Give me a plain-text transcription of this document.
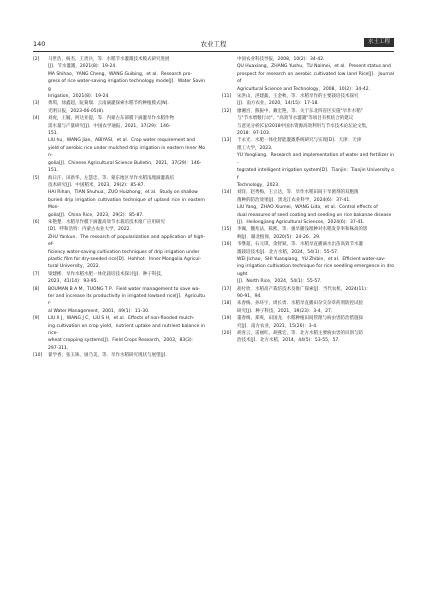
140	农业工程	水土工程
[2] 马世浩，杨杰，王贵兵，等．水稻节水灌溉技术模式研究进展
[J]．节水灌溉，2021(8)：19-24．
MA Shihao，YANG Cheng，WANG Guibing，et al．Research pro-
gress of rice water-saving irrigation technology mode[J]．Water Saving
Irrigation，2021(8)：19-24
[3] 黄琪，徐鑫超，阮菊瑞．云南滴灌探索水稻节约种植模式[N]．
光明日报，2023-06-05(8)．
[4] 刘虎，王毓，阿达亚提，等．内蒙古东部膜下滴灌旱作水稻作物
需水量与产量研究[J]．中国农学通报，2021，37(29)：146-
151．
LIU hu，WANG Jian，ABIYASI，et al．Crop water requirement and
yield of aerobic rice under mulched drip irrigation in eastern Inner Mon-
golia[J]．Chinese Agricultural Science Bulletin，2021，37(29)：146-
151．
[5] 海日汗，田新华，左慧忠，等．蒙东地区旱作水稻浅埋滴灌栽培
技术研究[J]．中国稻米，2023，29(2)：85-87．
HAI Rihan，TIAN Shuhua，ZUO Huizhong，et al．Study on shallow
buried drip irrigation cultivation technique of upland rice in eastern Mon-
golia[J]．China Rice，2023，29(2)：85-87．
[6] 朱艳楚．水稻旱作膜下滴灌高效节水栽培技术推广应用研究
[D]．呼和浩特：内蒙古农业大学，2022．
ZHU Yankun．The research of popularization and application of high-ef-
ficiency water-saving cultivation techniques of drip irrigation under
plastic film for dry-seeded rice[D]．Hohhot：Inner Mongolia Agricul-
tural University，2022．
[7] 梁建彬．旱作水稻水肥一体化栽培技术探讨[J]．种子科技，
2023，41(14)：93-95．
[8] BOUMAN B A M，TUONG T P．Field water management to save wa-
ter and increase its productivity in irrigated lowland rice[J]．Agricultur-
al Water Management，2001，49(1)：11-30．
[9] LIU X J，WANG J C，LIU S H，et al．Effects of non-flooded mulch-
ing cultivation on crop yield，nutrient uptake and nutrient balance in rice-
wheat cropping systems[J]．Field Crops Research，2003，83(3)：
297-311．
[10] 翟学香，张玉铢，屠乃美，等．旱作水稻研究现状与展望[J]．
中国农业科技导报，2008，10(2)：34-42．
QU Huaxiang，ZHANG Yushu，TU Naimei，et al．Present status and
prospect for research on aerobic cultivated low land Rice[J]．Journal of
Agricultural Science and Technology，2008，10(2)：34-42．
[11] 宋洪山，洪建蔬，王金秋，等．水稻旱作的主要栽培技术探究
[J]．南方农业，2020，14(15)：17-18．
[12] 廖湘宫，熊振中，戴宏艳，等．关于东北四省区实施"旱作水稻"
与"节水增粮行动"、"高效节水灌溉"等项目有机结合的建议
与意见分析[C]//2018中国水资源高效利用与节水技术论坛论文集，
2018：97-103．
[13] 于永光．水肥一体化智能灌溉系统研究与实现[D]．天津：天津
理工大学，2023．
YU Yongliang．Research and implementation of water and fertilizer in-
tegrated intelligent irrigation system[D]．Tianjin：Tianjin University of
Technology，2023．
[14] 刘洋，赵秀梅，王立达，等．旱作水稻田间干旱菌剂的双胞菌
菌种的防治效果[J]．黑龙江农业科学，2024(6)：37-41．
LIU Yang，ZHAO Xiumei，WANG Lida，et al．Control effects of
dual measures of seed coating and seeding on rice bakanae disease
[J]．Heilongjiang Agricultural Sciences，2024(6)：37-41．
[15] 李佩，魏兆法，陈熙，等．强旱播浅埋种对水稻发芽率和株高的影
响[J]．湖北植保，2020(5)：24-26．29．
[16] 韦继超，石元琪，余智斌，等．水稻旱直播滴水出苗高效节水灌
溉栽培技术[J]．北方水稻，2024，54(1)：55-57．
WEI Jichao，SHI Yuanqiang，YU Zhibin，et al．Efficient water-sav-
ing irrigation cultivation technique for rice seedling emergence in drought
[J]．North Rice，2024，54(1)：55-57．
[17] 胡付欣．水稻高产栽培技术及推广探索[J]．当代农机，2024(11)：
90-91，94．
[18] 朱春梅，孙环宇，周长勇．水稻旱直播田杂交杂草药剂防控试验
研究[J]．种子科技，2021，39(23)：3-4，27．
[19] 董春梅，郑爽，田国龙．水稻种植田间管理与病虫害防治措施探
究[J]．南方农业，2021，15(26)：3-4．
[20] 胡喜云，雷丽红，胡燕宏，等．北方水稻主要病虫害的识别与防
治技术[J]．北方水稻，2014，44(5)：53-55，57．
